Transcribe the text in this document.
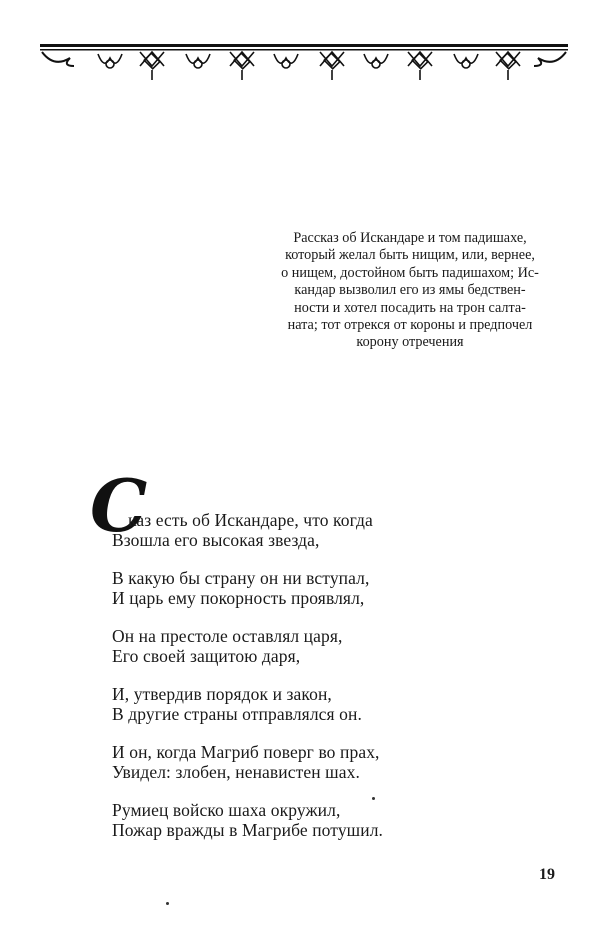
Рассказ об Искандаре и том падишахе,
который желал быть нищим, или, вернее,
о нищем, достойном быть падишахом; Ис-
кандар вызволил его из ямы бедствен-
ности и хотел посадить на трон салта-
ната; тот отрекся от короны и предпочел
корону отречения
С
каз есть об Искандаре, что когда
Взошла его высокая звезда,
В какую бы страну он ни вступал,
И царь ему покорность проявлял,
Он на престоле оставлял царя,
Его своей защитою даря,
И, утвердив порядок и закон,
В другие страны отправлялся он.
И он, когда Магриб поверг во прах,
Увидел: злобен, ненавистен шах.
Румиец войско шаха окружил,
Пожар вражды в Магрибе потушил.
19
